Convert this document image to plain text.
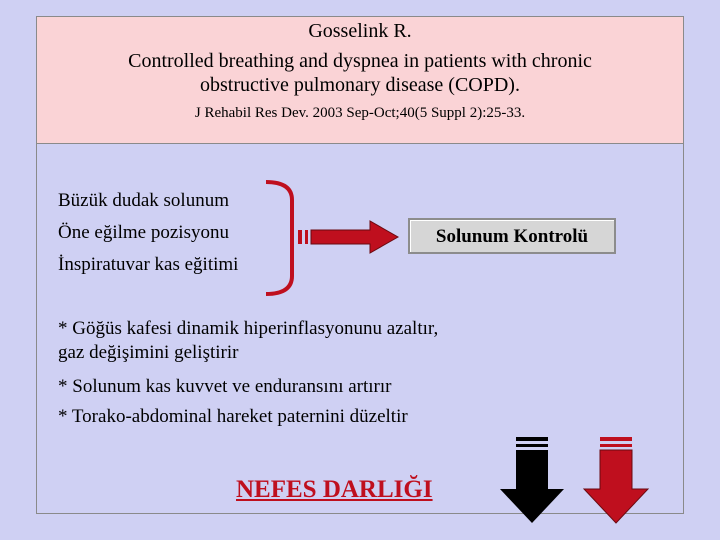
Gosselink R.
Controlled breathing and dyspnea in patients with chronic
obstructive pulmonary disease (COPD).
J Rehabil Res Dev. 2003 Sep-Oct;40(5 Suppl 2):25-33.
Büzük dudak solunum
Öne eğilme pozisyonu
İnspiratuvar kas eğitimi
Solunum Kontrolü
* Göğüs kafesi dinamik hiperinflasyonunu azaltır,
gaz değişimini geliştirir
* Solunum kas kuvvet ve enduransını artırır
* Torako-abdominal hareket paternini düzeltir
NEFES DARLIĞI
